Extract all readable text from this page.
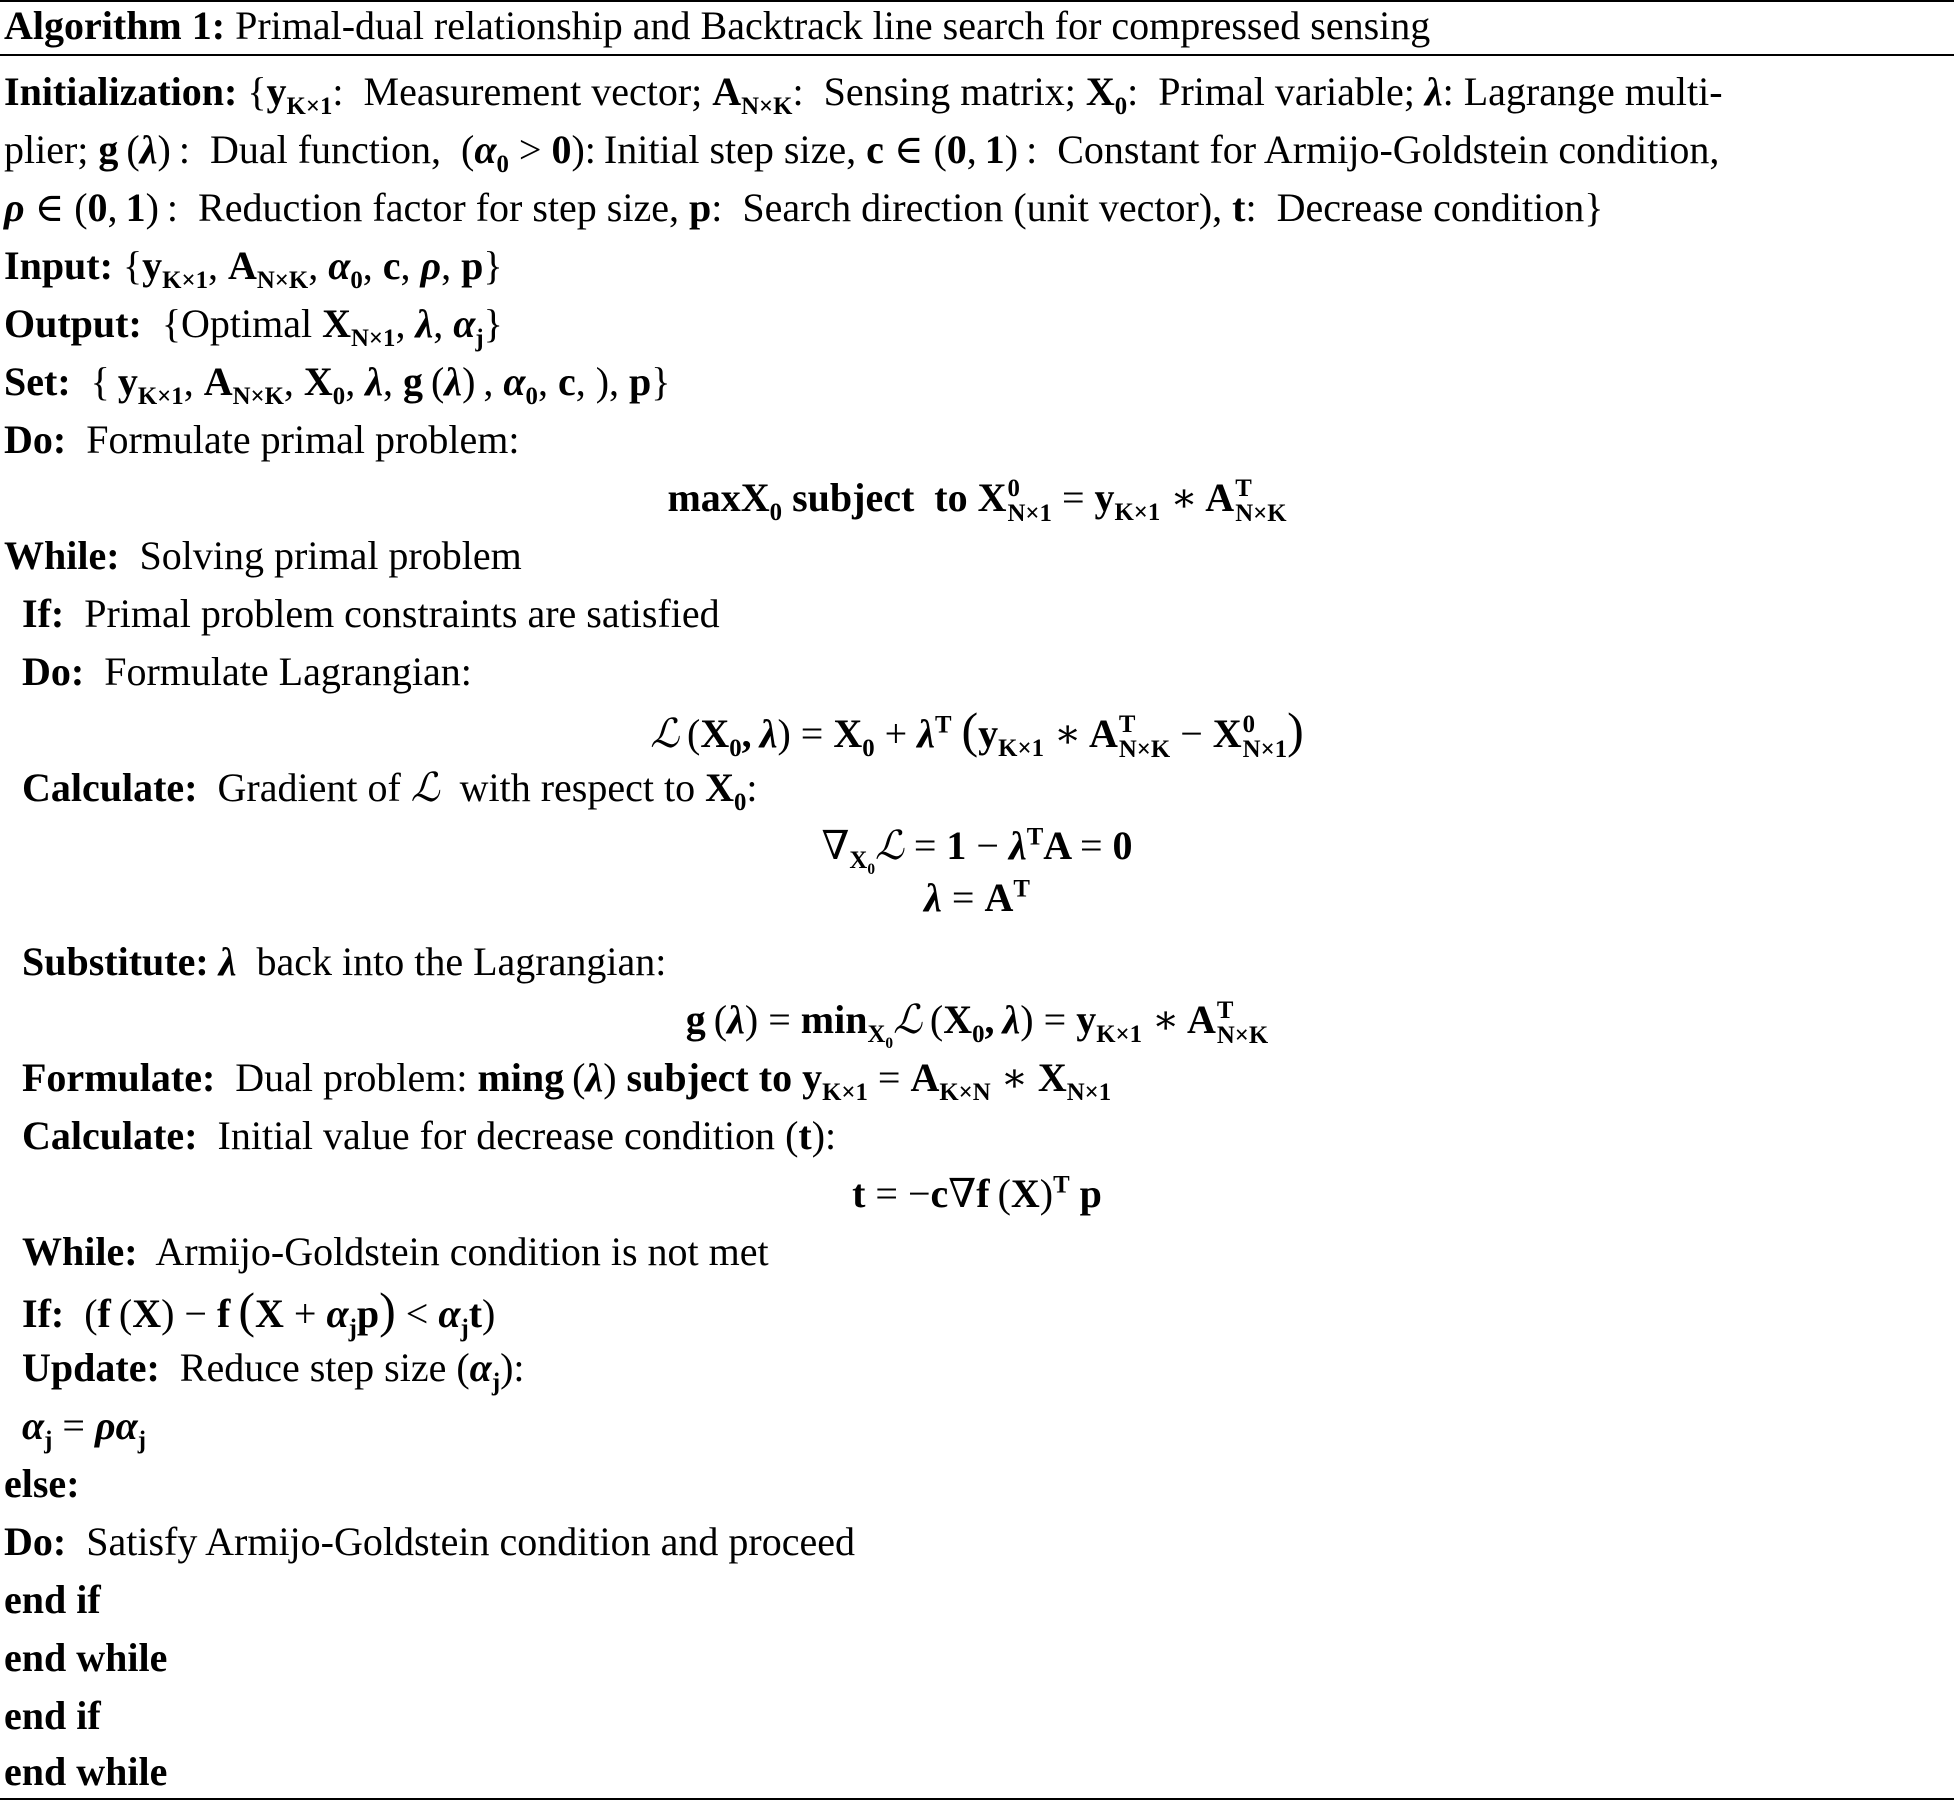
Algorithm 1: Primal-dual relationship and Backtrack line search for compressed sensing
Initialization: {$y_{K\times 1}$:  Measurement vector; $A_{N\times K}$:  Sensing matrix; $X_0$:  Primal variable; λ: Lagrange multi-
plier; g (λ) :  Dual function,  $(\alpha_0 > 0)$: Initial step size, c ∈ (0, 1) :  Constant for Armijo-Goldstein condition,
ρ ∈ (0, 1) :  Reduction factor for step size, p:  Search direction (unit vector), t:  Decrease condition}
Input: {$y_{K\times 1}$, $A_{N\times K}$, $\alpha_0$, c, ρ, p}
Output:  {Optimal $X_{N\times 1}$, λ, $\alpha_j$}
Set:  { $y_{K\times 1}$, $A_{N\times K}$, $X_0$, λ, g (λ) , $\alpha_0$, c, ), p}
Do: Formulate primal problem:
maxX$_0$ subject  to X 0
$N\times 1 = y_{K\times 1}$ ∗ A T
N×K
While: Solving primal problem
If: Primal problem constraints are satisfied
Do: Formulate Lagrangian:
ℒ ($X_0$, $\lambda) = X_0 + \lambda^T$ ($y_{K\times 1}$ ∗ A T
N×K − X 0
N×1 )
Calculate: Gradient of ℒ with respect to $X_0$:
$\nabla_{X_0}ℒ = 1 - \lambda^TA = 0$
$\lambda = A^T$
Substitute: λ back into the Lagrangian:
g $(\lambda) = \min_{X_0}ℒ$ ($X_0$, $\lambda) = y_{K\times 1}$ ∗ A T
N×K
Formulate: Dual problem: ming (λ) subject to $y_{K\times 1} = A_{K\times N}$ ∗ $X_{N\times 1}$
Calculate: Initial value for decrease condition (t):
t = −c∇f $(X)^T$ p
While: Armijo-Goldstein condition is not met
If:  (f (X) − f  $(X + \alpha_jp) < \alpha_jt$)
Update: Reduce step size $(\alpha_j)$:
$\alpha_j = \rho\alpha_j$
else:
Do: Satisfy Armijo-Goldstein condition and proceed
end if
end while
end if
end while
